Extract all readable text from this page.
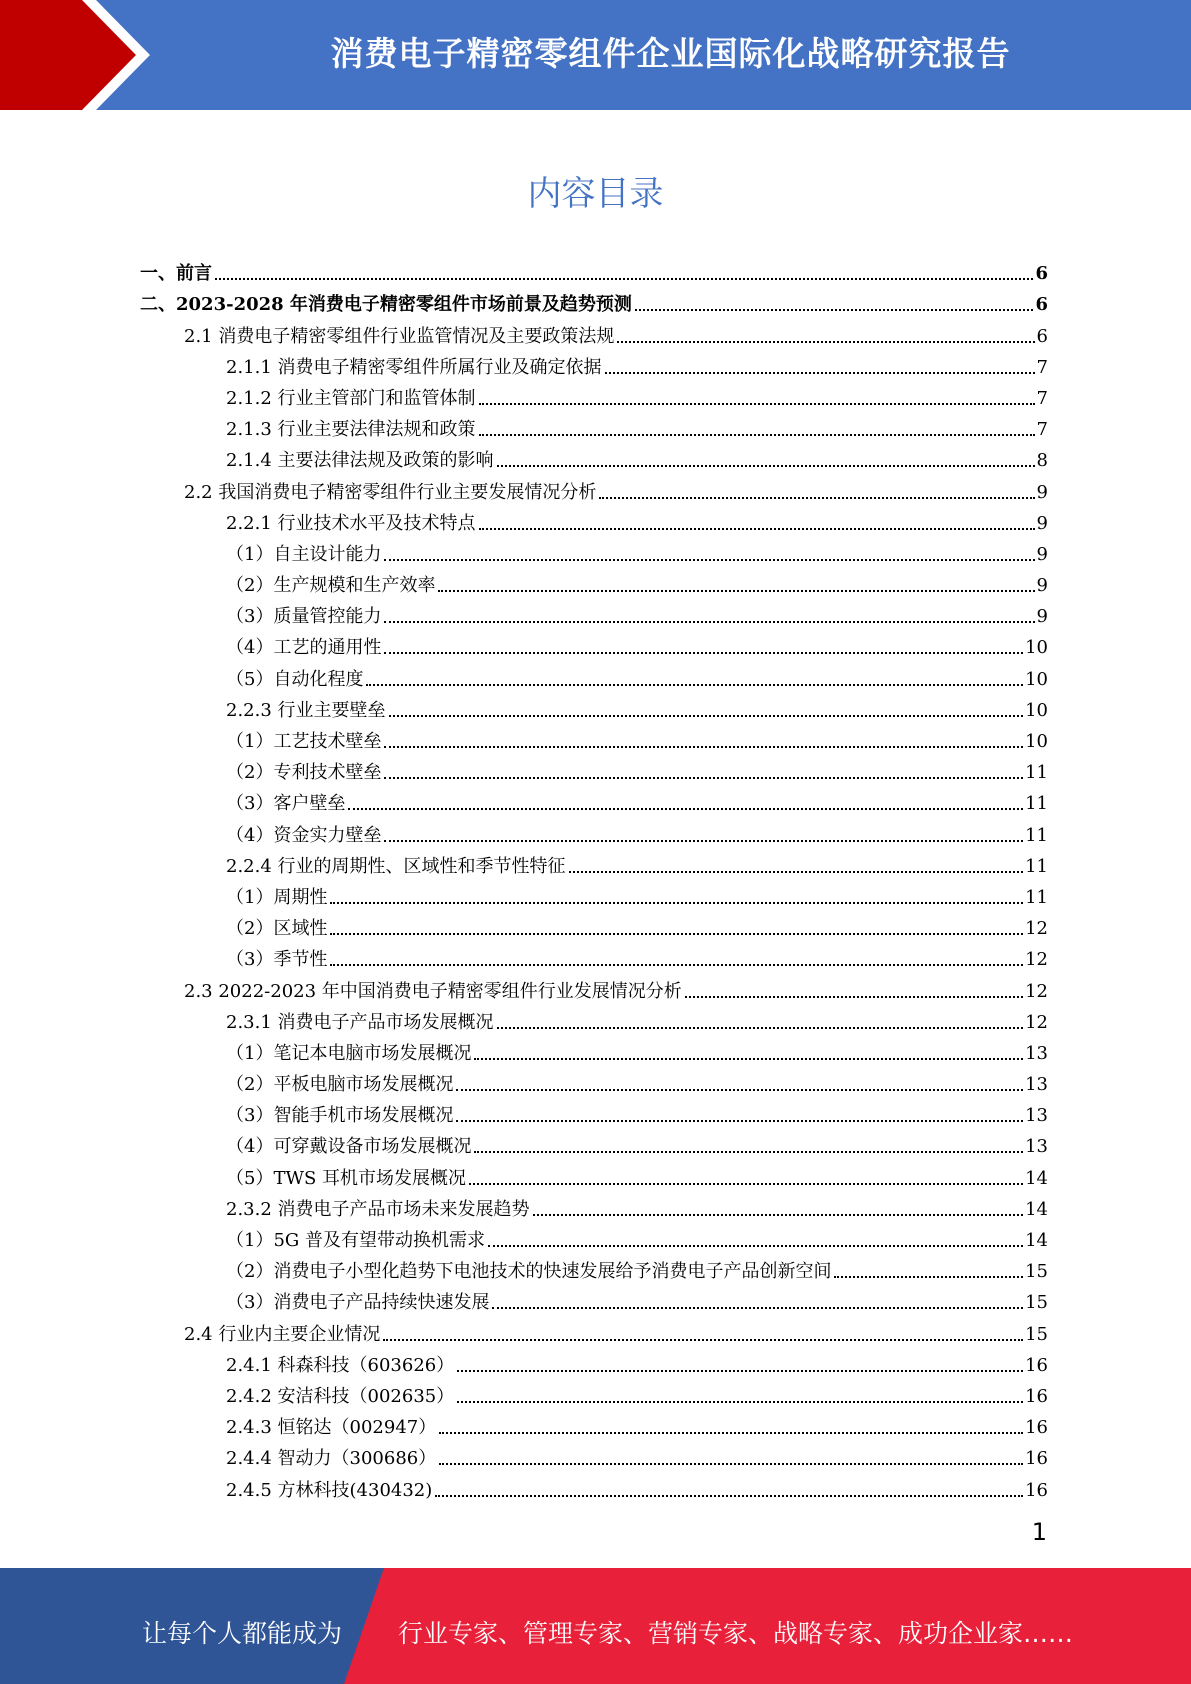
消费电子精密零组件企业国际化战略研究报告
内容目录
一、前言	6
二、2023-2028 年消费电子精密零组件市场前景及趋势预测	6
2.1 消费电子精密零组件行业监管情况及主要政策法规	6
2.1.1 消费电子精密零组件所属行业及确定依据	7
2.1.2 行业主管部门和监管体制	7
2.1.3 行业主要法律法规和政策	7
2.1.4 主要法律法规及政策的影响	8
2.2 我国消费电子精密零组件行业主要发展情况分析	9
2.2.1 行业技术水平及技术特点	9
（1）自主设计能力	9
（2）生产规模和生产效率	9
（3）质量管控能力	9
（4）工艺的通用性	10
（5）自动化程度	10
2.2.3 行业主要壁垒	10
（1）工艺技术壁垒	10
（2）专利技术壁垒	11
（3）客户壁垒	11
（4）资金实力壁垒	11
2.2.4 行业的周期性、区域性和季节性特征	11
（1）周期性	11
（2）区域性	12
（3）季节性	12
2.3 2022-2023 年中国消费电子精密零组件行业发展情况分析	12
2.3.1 消费电子产品市场发展概况	12
（1）笔记本电脑市场发展概况	13
（2）平板电脑市场发展概况	13
（3）智能手机市场发展概况	13
（4）可穿戴设备市场发展概况	13
（5）TWS 耳机市场发展概况	14
2.3.2 消费电子产品市场未来发展趋势	14
（1）5G 普及有望带动换机需求	14
（2）消费电子小型化趋势下电池技术的快速发展给予消费电子产品创新空间	15
（3）消费电子产品持续快速发展	15
2.4 行业内主要企业情况	15
2.4.1 科森科技（603626）	16
2.4.2 安洁科技（002635）	16
2.4.3 恒铭达（002947）	16
2.4.4 智动力（300686）	16
2.4.5 方林科技(430432)	16
1
让每个人都能成为 行业专家、管理专家、营销专家、战略专家、成功企业家……
